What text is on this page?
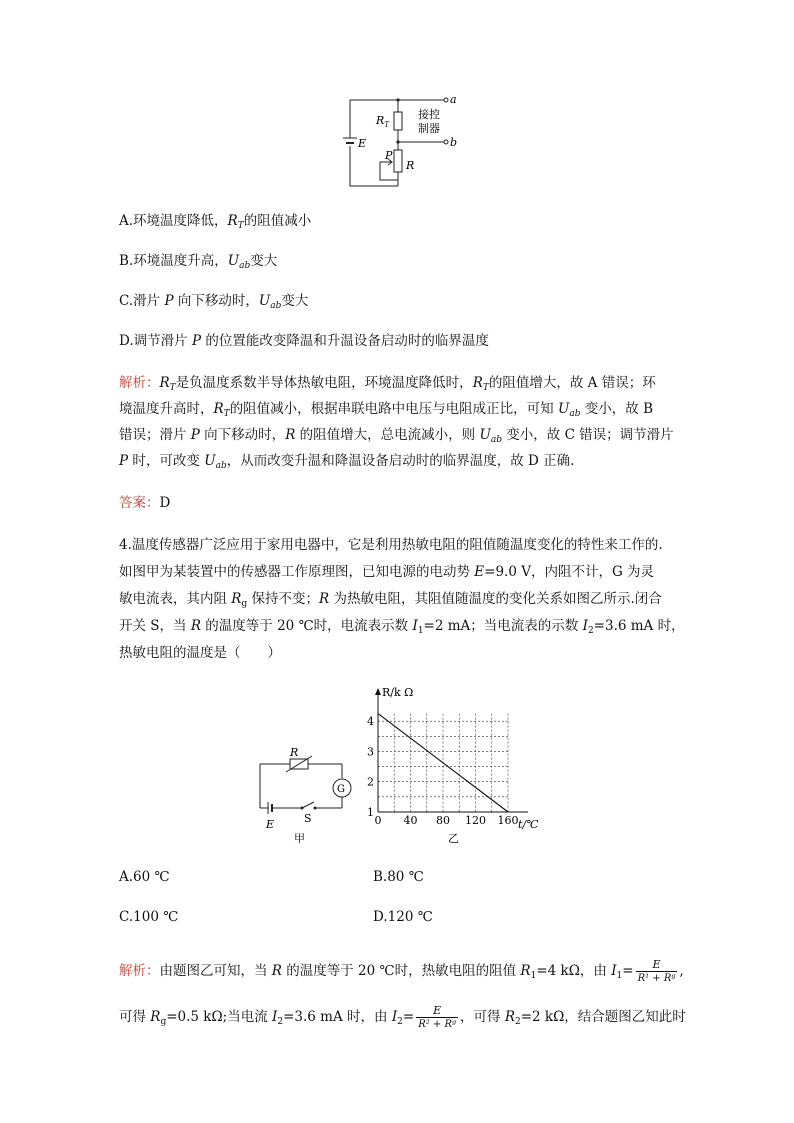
$R_T$
E
P
R
a
b
接控
制器
A.环境温度降低，$R_T$的阻值减小
B.环境温度升高，$U_{ab}$变大
C.滑片 P 向下移动时，$U_{ab}$变大
D.调节滑片 P 的位置能改变降温和升温设备启动时的临界温度
解析：$R_T$是负温度系数半导体热敏电阻，环境温度降低时，$R_T$的阻值增大，故 A 错误；环
境温度升高时，$R_T$的阻值减小，根据串联电路中电压与电阻成正比，可知 $U_{ab}$ 变小，故 B
错误；滑片 P 向下移动时，R 的阻值增大，总电流减小，则 $U_{ab}$ 变小，故 C 错误；调节滑片
P 时，可改变 $U_{ab}$，从而改变升温和降温设备启动时的临界温度，故 D 正确.
答案：D
4.温度传感器广泛应用于家用电器中，它是利用热敏电阻的阻值随温度变化的特性来工作的.
如图甲为某装置中的传感器工作原理图，已知电源的电动势 E=9.0 V，内阻不计，G 为灵
敏电流表，其内阻 $R_g$ 保持不变；R 为热敏电阻，其阻值随温度的变化关系如图乙所示.闭合
开关 S，当 R 的温度等于 20 ℃时，电流表示数 $I_1=2$ mA；当电流表的示数 $I_2=3.6$ mA 时，
热敏电阻的温度是（　　）
R
G
E	S
甲
0 40 80 120 160
1
2
3
4
R/k Ω
t/℃
乙
A.60 ℃	B.80 ℃
C.100 ℃	D.120 ℃
解析：由题图乙可知，当 R 的温度等于 20 ℃时，热敏电阻的阻值 $R_1=4$ kΩ，由 $I_1= \frac{E}{\text{R¹ + Rᵍ}}$ ,
可得 $R_g=0.5$ kΩ;当电流 $I_2=3.6$ mA 时，由 $I_2= \frac{E}{\text{R² + Rᵍ}}$ ，可得 $R_2=2$ kΩ，结合题图乙知此时
